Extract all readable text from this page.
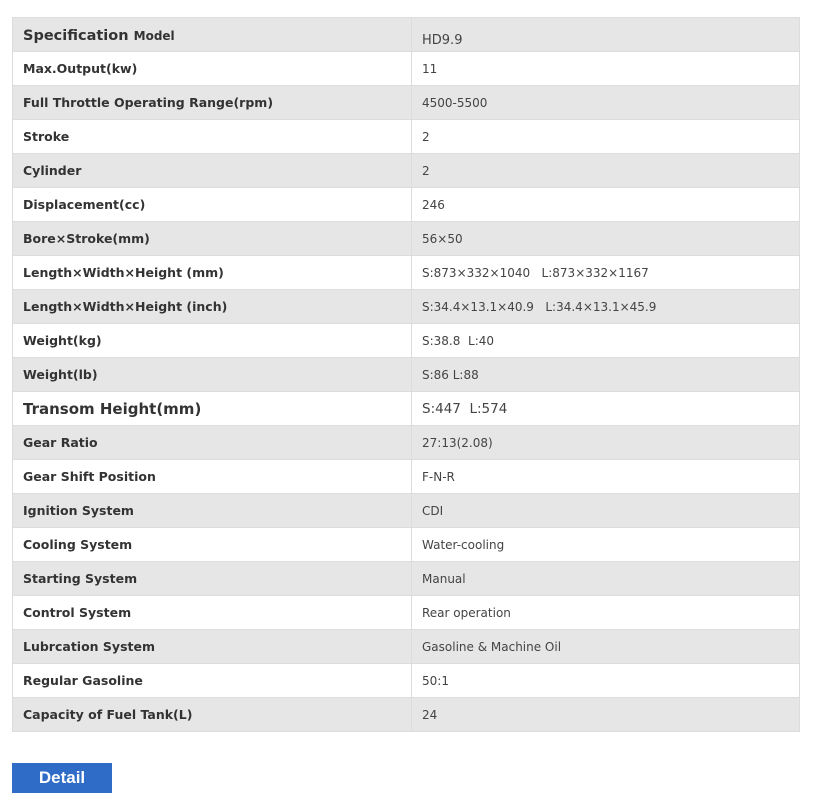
Specification Model	$_{HD9.9}$
Max.Output(kw)	11
Full Throttle Operating Range(rpm)	4500-5500
Stroke	2
Cylinder	2
Displacement(cc)	246
Bore×Stroke(mm)	56×50
Length×Width×Height (mm)	S:873×332×1040   L:873×332×1167
Length×Width×Height (inch)	S:34.4×13.1×40.9   L:34.4×13.1×45.9
Weight(kg)	S:38.8  L:40
Weight(lb)	S:86 L:88
Transom Height(mm)	S:447  L:574
Gear Ratio	27:13(2.08)
Gear Shift Position	F-N-R
Ignition System	CDI
Cooling System	Water-cooling
Starting System	Manual
Control System	Rear operation
Lubrcation System	Gasoline & Machine Oil
Regular Gasoline	50:1
Capacity of Fuel Tank(L)	24
Detail
